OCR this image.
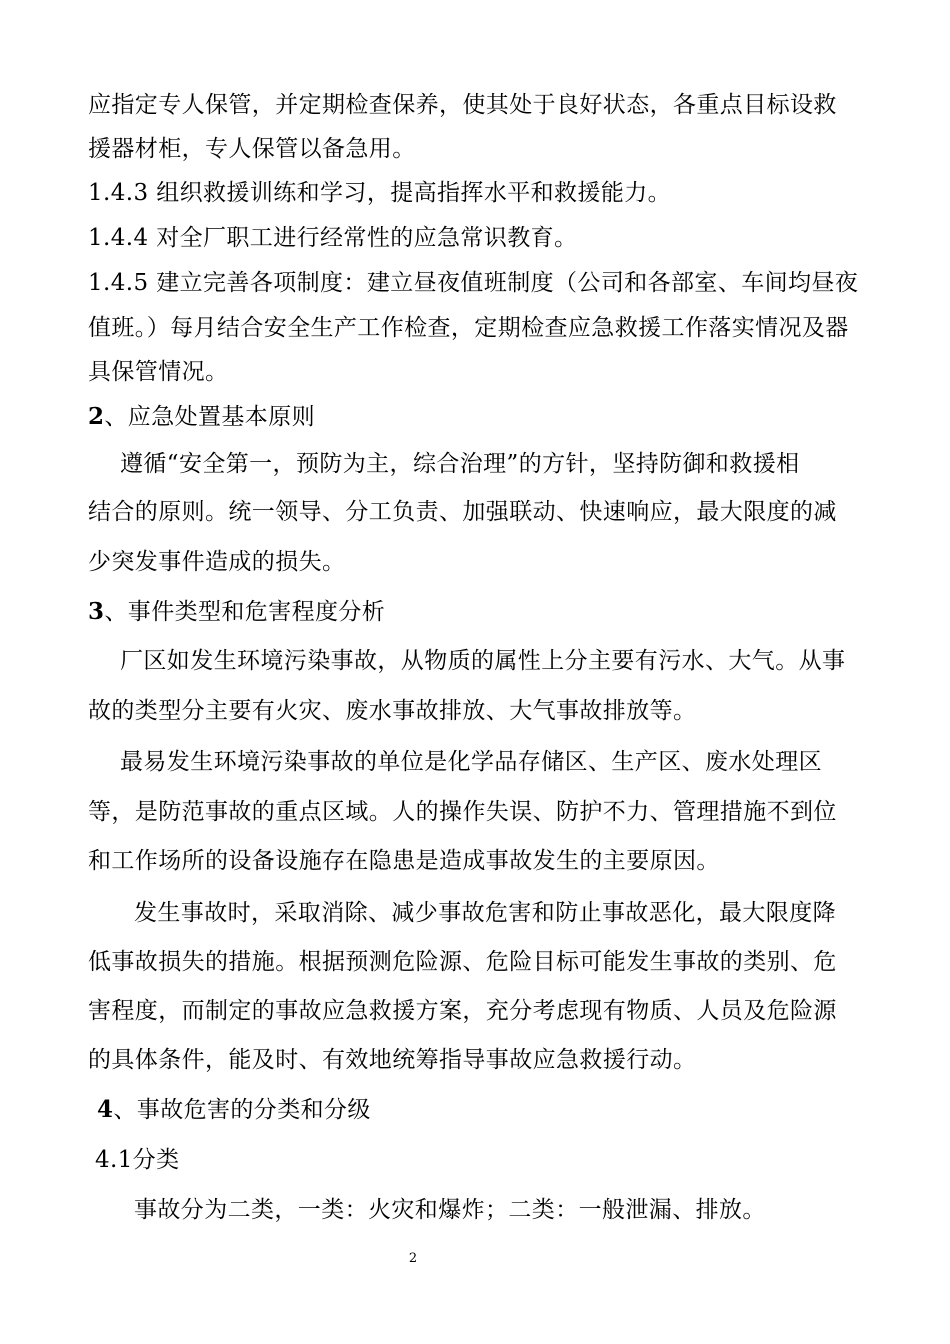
应指定专人保管，并定期检查保养，使其处于良好状态，各重点目标设救
援器材柜，专人保管以备急用。
1.4.3 组织救援训练和学习，提高指挥水平和救援能力。
1.4.4 对全厂职工进行经常性的应急常识教育。
1.4.5 建立完善各项制度：建立昼夜值班制度（公司和各部室、车间均昼夜
值班。）每月结合安全生产工作检查，定期检查应急救援工作落实情况及器
具保管情况。
2、应急处置基本原则
遵循“安全第一，预防为主，综合治理”的方针，坚持防御和救援相
结合的原则。统一领导、分工负责、加强联动、快速响应，最大限度的减
少突发事件造成的损失。
3、事件类型和危害程度分析
厂区如发生环境污染事故，从物质的属性上分主要有污水、大气。从事
故的类型分主要有火灾、废水事故排放、大气事故排放等。
最易发生环境污染事故的单位是化学品存储区、生产区、废水处理区
等，是防范事故的重点区域。人的操作失误、防护不力、管理措施不到位
和工作场所的设备设施存在隐患是造成事故发生的主要原因。
发生事故时，采取消除、减少事故危害和防止事故恶化，最大限度降
低事故损失的措施。根据预测危险源、危险目标可能发生事故的类别、危
害程度，而制定的事故应急救援方案，充分考虑现有物质、人员及危险源
的具体条件，能及时、有效地统筹指导事故应急救援行动。
4、事故危害的分类和分级
4.1分类
事故分为二类，一类：火灾和爆炸；二类：一般泄漏、排放。
2
